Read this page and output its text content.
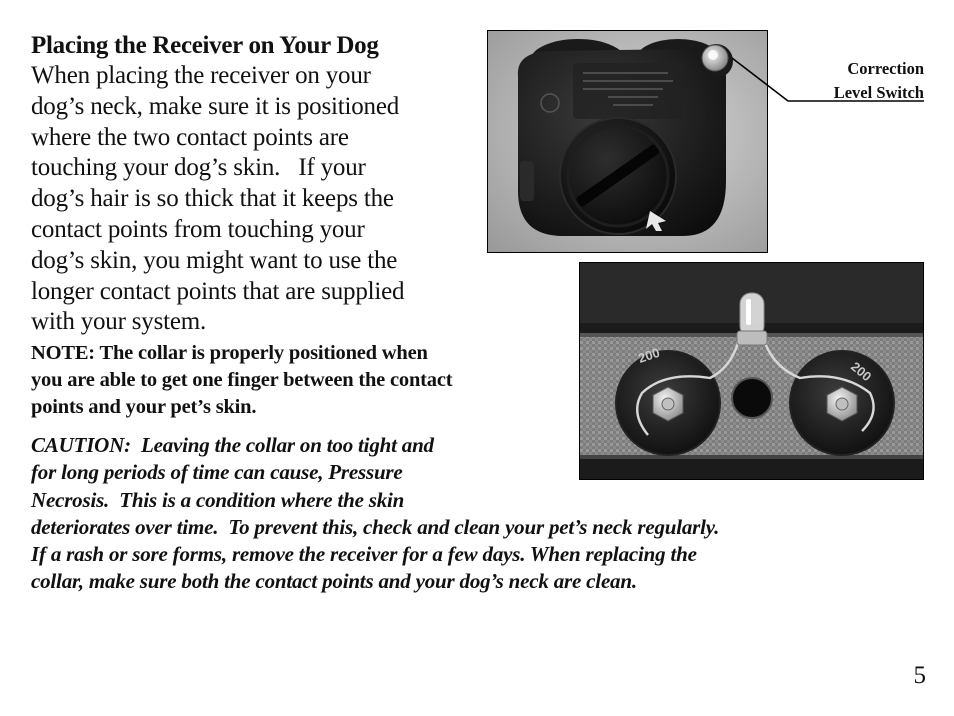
Placing the Receiver on Your Dog
When placing the receiver on your
dog’s neck, make sure it is positioned
where the two contact points are
touching your dog’s skin.   If your
dog’s hair is so thick that it keeps the
contact points from touching your
dog’s skin, you might want to use the
longer contact points that are supplied
with your system.
NOTE: The collar is properly positioned when
you are able to get one finger between the contact
points and your pet’s skin.
CAUTION:  Leaving the collar on too tight and
for long periods of time can cause, Pressure
Necrosis.  This is a condition where the skin
deteriorates over time.  To prevent this, check and clean your pet’s neck regularly.
If a rash or sore forms, remove the receiver for a few days. When replacing the
collar, make sure both the contact points and your dog’s neck are clean.
200
200
Correction
Level Switch
5
